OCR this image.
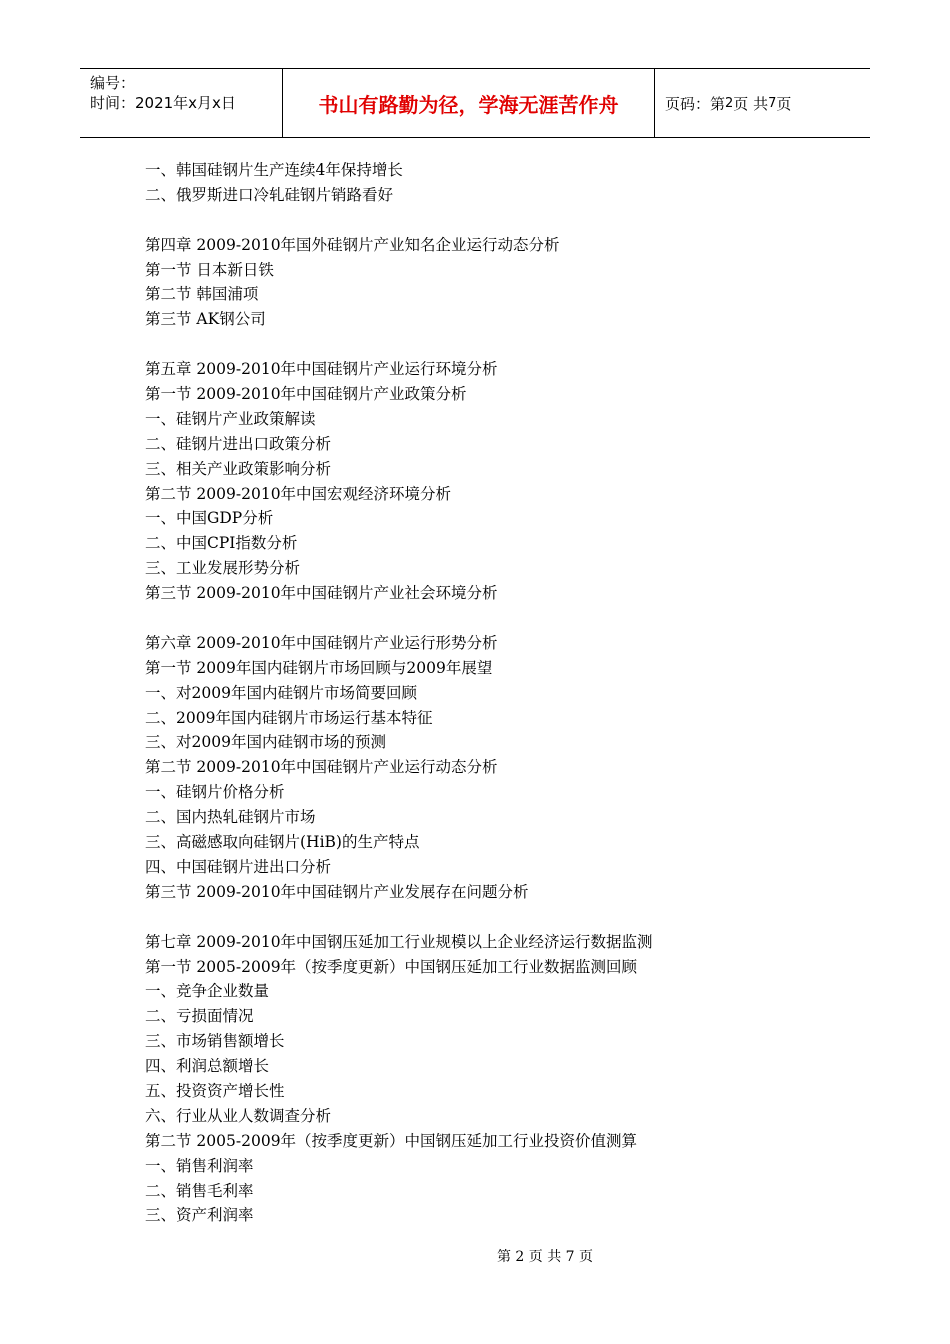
编号：
时间：2021年x月x日	书山有路勤为径，学海无涯苦作舟	页码：第 2 页 共 7 页
一、韩国硅钢片生产连续4年保持增长
二、俄罗斯进口冷轧硅钢片销路看好
第四章 2009-2010年国外硅钢片产业知名企业运行动态分析
第一节 日本新日铁
第二节 韩国浦项
第三节 AK钢公司
第五章 2009-2010年中国硅钢片产业运行环境分析
第一节 2009-2010年中国硅钢片产业政策分析
一、硅钢片产业政策解读
二、硅钢片进出口政策分析
三、相关产业政策影响分析
第二节 2009-2010年中国宏观经济环境分析
一、中国GDP分析
二、中国CPI指数分析
三、工业发展形势分析
第三节 2009-2010年中国硅钢片产业社会环境分析
第六章 2009-2010年中国硅钢片产业运行形势分析
第一节 2009年国内硅钢片市场回顾与2009年展望
一、对2009年国内硅钢片市场简要回顾
二、2009年国内硅钢片市场运行基本特征
三、对2009年国内硅钢市场的预测
第二节 2009-2010年中国硅钢片产业运行动态分析
一、硅钢片价格分析
二、国内热轧硅钢片市场
三、高磁感取向硅钢片(HiB)的生产特点
四、中国硅钢片进出口分析
第三节 2009-2010年中国硅钢片产业发展存在问题分析
第七章 2009-2010年中国钢压延加工行业规模以上企业经济运行数据监测
第一节 2005-2009年（按季度更新）中国钢压延加工行业数据监测回顾
一、竞争企业数量
二、亏损面情况
三、市场销售额增长
四、利润总额增长
五、投资资产增长性
六、行业从业人数调查分析
第二节 2005-2009年（按季度更新）中国钢压延加工行业投资价值测算
一、销售利润率
二、销售毛利率
三、资产利润率
第 2 页 共 7 页
